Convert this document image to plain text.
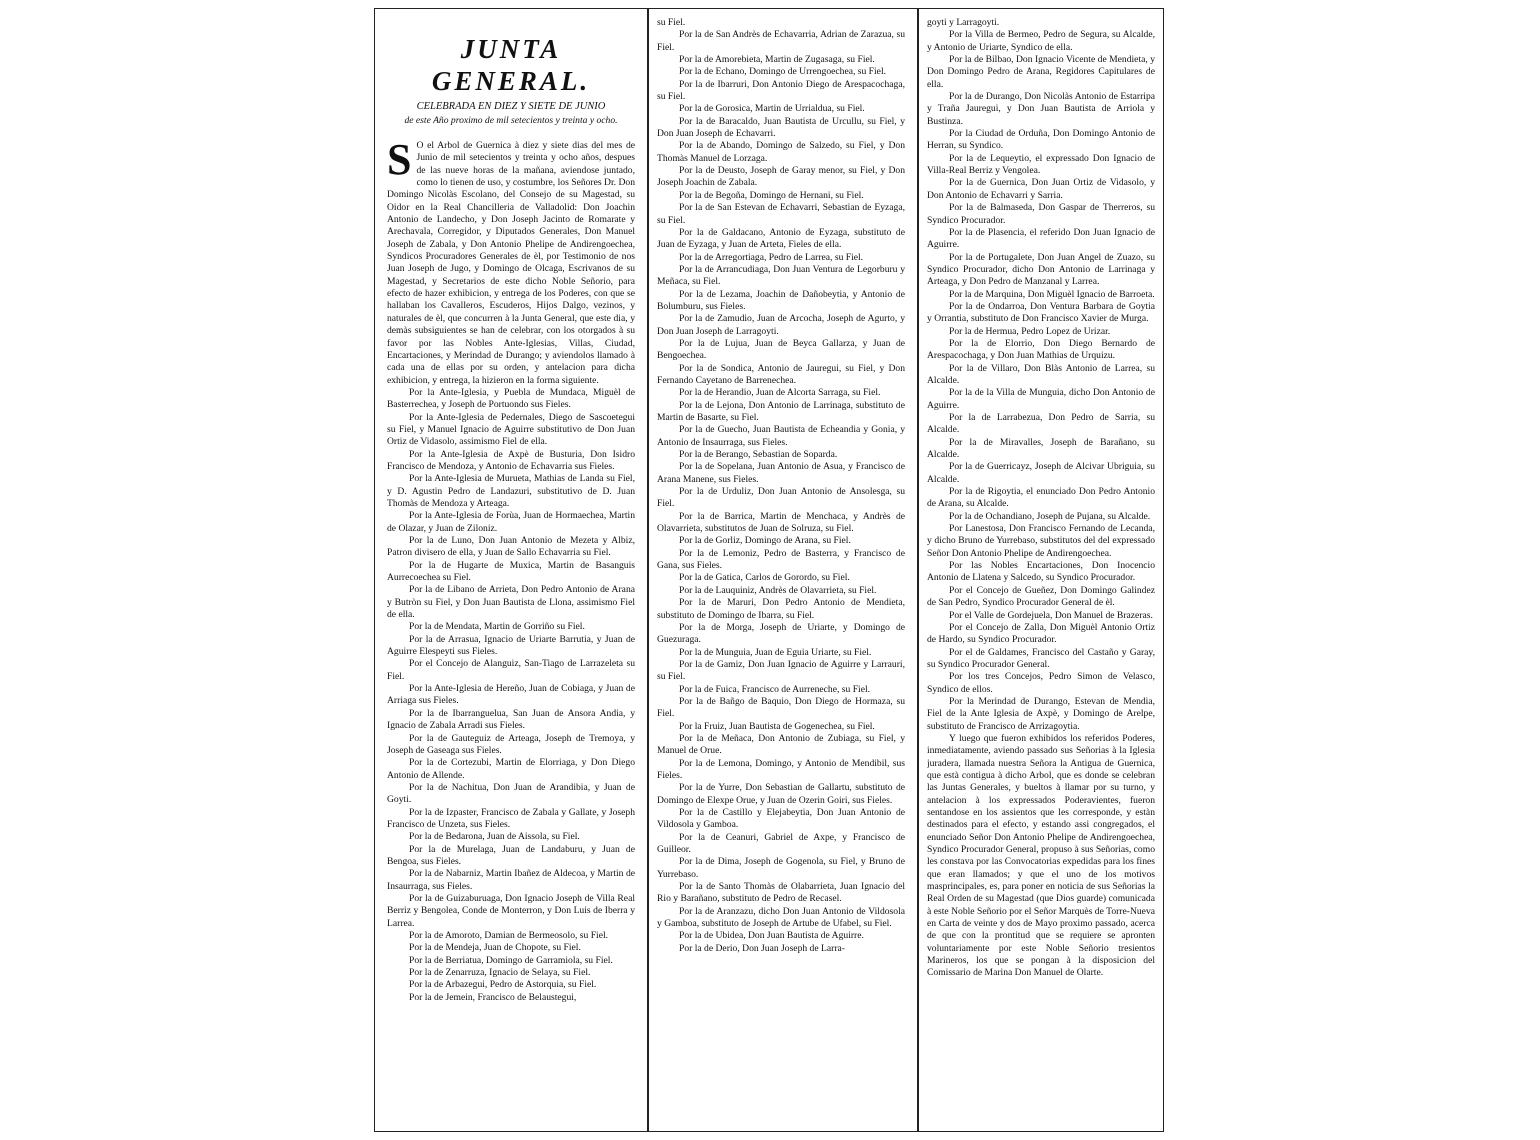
JUNTA GENERAL.
CELEBRADA EN DIEZ Y SIETE DE JUNIO
de este Año proximo de mil setecientos y treinta y ocho.

S O el Arbol de Guernica à diez y siete dias del mes de Junio de mil setecientos y treinta y ocho años, despues de las nueve horas de la mañana, aviendose juntado, como lo tienen de uso, y costumbre, los Señores Dr. Don Domingo Nicolàs Escolano, del Consejo de su Magestad, su Oidor en la Real Chancilleria de Valladolid: Don Joachin Antonio de Landecho, y Don Joseph Jacinto de Romarate y Arechavala, Corregidor, y Diputados Generales, Don Manuel Joseph de Zabala, y Don Antonio Phelipe de Andirengoechea, Syndicos Procuradores Generales de èl, por Testimonio de nos Juan Joseph de Jugo, y Domingo de Olcaga, Escrivanos de su Magestad, y Secretarios de este dicho Noble Señorio, para efecto de hazer exhibicion, y entrega de los Poderes, con que se hallaban los Cavalleros, Escuderos, Hijos Dalgo, vezinos, y naturales de èl, que concurren à la Junta General, que este dia, y demàs subsiguientes se han de celebrar, con los otorgados à su favor por las Nobles Ante-Iglesias, Villas, Ciudad, Encartaciones, y Merindad de Durango; y aviendolos llamado à cada una de ellas por su orden, y antelacion para dicha exhibicion, y entrega, la hizieron en la forma siguiente.

Por la Ante-Iglesia, y Puebla de Mundaca, Miguèl de Basterrechea, y Joseph de Portuondo sus Fieles.

Por la Ante-Iglesia de Pedernales, Diego de Sascoetegui su Fiel, y Manuel Ignacio de Aguirre substitutivo de Don Juan Ortiz de Vidasolo, assimismo Fiel de ella.

Por la Ante-Iglesia de Axpè de Busturia, Don Isidro Francisco de Mendoza, y Antonio de Echavarria sus Fieles.

Por la Ante-Iglesia de Murueta, Mathias de Landa su Fiel, y D. Agustin Pedro de Landazuri, substitutivo de D. Juan Thomàs de Mendoza y Arteaga.

Por la Ante-Iglesia de Forùa, Juan de Hormaechea, Martin de Olazar, y Juan de Ziloniz.

Por la de Luno, Don Juan Antonio de Mezeta y Albiz, Patron divisero de ella, y Juan de Sallo Echavarria su Fiel.

Por la de Hugarte de Muxica, Martin de Basanguis Aurrecoechea su Fiel.

Por la de Libano de Arrieta, Don Pedro Antonio de Arana y Butròn su Fiel, y Don Juan Bautista de Llona, assimismo Fiel de ella.

Por la de Mendata, Martin de Gorriño su Fiel.

Por la de Arrasua, Ignacio de Uriarte Barrutia, y Juan de Aguirre Elespeyti sus Fieles.

Por el Concejo de Alanguiz, San-Tiago de Larrazeleta su Fiel.

Por la Ante-Iglesia de Hereño, Juan de Cobiaga, y Juan de Arriaga sus Fieles.

Por la de Ibarranguelua, San Juan de Ansora Andia, y Ignacio de Zabala Arradi sus Fieles.

Por la de Gauteguiz de Arteaga, Joseph de Tremoya, y Joseph de Gaseaga sus Fieles.

Por la de Cortezubi, Martin de Elorriaga, y Don Diego Antonio de Allende.

Por la de Nachitua, Don Juan de Arandibia, y Juan de Goyti.

Por la de Izpaster, Francisco de Zabala y Gallate, y Joseph Francisco de Unzeta, sus Fieles.

Por la de Bedarona, Juan de Aissola, su Fiel.

Por la de Murelaga, Juan de Landaburu, y Juan de Bengoa, sus Fieles.

Por la de Nabarniz, Martin Ibañez de Aldecoa, y Martin de Insaurraga, sus Fieles.

Por la de Guizaburuaga, Don Ignacio Joseph de Villa Real Berriz y Bengolea, Conde de Monterron, y Don Luis de Iberra y Larrea.

Por la de Amoroto, Damian de Bermeosolo, su Fiel.

Por la de Mendeja, Juan de Chopote, su Fiel.

Por la de Berriatua, Domingo de Garramiola, su Fiel.

Por la de Zenarruza, Ignacio de Selaya, su Fiel.

Por la de Arbazegui, Pedro de Astorquia, su Fiel.

Por la de Jemein, Francisco de Belaustegui,

su Fiel.

Por la de San Andrès de Echavarria, Adrian de Zarazua, su Fiel.

Por la de Amorebieta, Martin de Zugasaga, su Fiel.

Por la de Echano, Domingo de Urrengoechea, su Fiel.

Por la de Ibarruri, Don Antonio Diego de Arespacochaga, su Fiel.

Por la de Gorosica, Martin de Urrialdua, su Fiel.

Por la de Baracaldo, Juan Bautista de Urcullu, su Fiel, y Don Juan Joseph de Echavarri.

Por la de Abando, Domingo de Salzedo, su Fiel, y Don Thomàs Manuel de Lorzaga.

Por la de Deusto, Joseph de Garay menor, su Fiel, y Don Joseph Joachin de Zabala.

Por la de Begoña, Domingo de Hernani, su Fiel.

Por la de San Estevan de Echavarri, Sebastian de Eyzaga, su Fiel.

Por la de Galdacano, Antonio de Eyzaga, substituto de Juan de Eyzaga, y Juan de Arteta, Fieles de ella.

Por la de Arregortiaga, Pedro de Larrea, su Fiel.

Por la de Arrancudiaga, Don Juan Ventura de Legorburu y Meñaca, su Fiel.

Por la de Lezama, Joachin de Dañobeytia, y Antonio de Bolumburu, sus Fieles.

Por la de Zamudio, Juan de Arcocha, Joseph de Agurto, y Don Juan Joseph de Larragoyti.

Por la de Lujua, Juan de Beyca Gallarza, y Juan de Bengoechea.

Por la de Sondica, Antonio de Jauregui, su Fiel, y Don Fernando Cayetano de Barrenechea.

Por la de Herandio, Juan de Alcorta Sarraga, su Fiel.

Por la de Lejona, Don Antonio de Larrinaga, substituto de Martin de Basarte, su Fiel.

Por la de Guecho, Juan Bautista de Echeandia y Gonia, y Antonio de Insaurraga, sus Fieles.

Por la de Berango, Sebastian de Soparda.

Por la de Sopelana, Juan Antonio de Asua, y Francisco de Arana Manene, sus Fieles.

Por la de Urduliz, Don Juan Antonio de Ansolesga, su Fiel.

Por la de Barrica, Martin de Menchaca, y Andrès de Olavarrieta, substitutos de Juan de Solruza, su Fiel.

Por la de Gorliz, Domingo de Arana, su Fiel.

Por la de Lemoniz, Pedro de Basterra, y Francisco de Gana, sus Fieles.

Por la de Gatica, Carlos de Gorordo, su Fiel.

Por la de Lauquiniz, Andrès de Olavarrieta, su Fiel.

Por la de Maruri, Don Pedro Antonio de Mendieta, substituto de Domingo de Ibarra, su Fiel.

Por la de Morga, Joseph de Uriarte, y Domingo de Guezuraga.

Por la de Munguia, Juan de Eguia Uriarte, su Fiel.

Por la de Gamiz, Don Juan Ignacio de Aguirre y Larrauri, su Fiel.

Por la de Fuica, Francisco de Aurreneche, su Fiel.

Por la de Bañgo de Baquio, Don Diego de Hormaza, su Fiel.

Por la Fruiz, Juan Bautista de Gogenechea, su Fiel.

Por la de Meñaca, Don Antonio de Zubiaga, su Fiel, y Manuel de Orue.

Por la de Lemona, Domingo, y Antonio de Mendibil, sus Fieles.

Por la de Yurre, Don Sebastian de Gallartu, substituto de Domingo de Elexpe Orue, y Juan de Ozerin Goiri, sus Fieles.

Por la de Castillo y Elejabeytia, Don Juan Antonio de Vildosola y Gamboa.

Por la de Ceanuri, Gabriel de Axpe, y Francisco de Guilleor.

Por la de Dima, Joseph de Gogenola, su Fiel, y Bruno de Yurrebaso.

Por la de Santo Thomàs de Olabarrieta, Juan Ignacio del Rio y Barañano, substituto de Pedro de Recasel.

Por la de Aranzazu, dicho Don Juan Antonio de Vildosola y Gamboa, substituto de Joseph de Artube de Ufabel, su Fiel.

Por la de Ubidea, Don Juan Bautista de Aguirre.

Por la de Derio, Don Juan Joseph de Larra-

goyti y Larragoyti.

Por la Villa de Bermeo, Pedro de Segura, su Alcalde, y Antonio de Uriarte, Syndico de ella.

Por la de Bilbao, Don Ignacio Vicente de Mendieta, y Don Domingo Pedro de Arana, Regidores Capitulares de ella.

Por la de Durango, Don Nicolàs Antonio de Estarripa y Traña Jauregui, y Don Juan Bautista de Arriola y Bustinza.

Por la Ciudad de Orduña, Don Domingo Antonio de Herran, su Syndico.

Por la de Lequeytio, el expressado Don Ignacio de Villa-Real Berriz y Vengolea.

Por la de Guernica, Don Juan Ortiz de Vidasolo, y Don Antonio de Echavarri y Sarria.

Por la de Balmaseda, Don Gaspar de Therreros, su Syndico Procurador.

Por la de Plasencia, el referido Don Juan Ignacio de Aguirre.

Por la de Portugalete, Don Juan Angel de Zuazo, su Syndico Procurador, dicho Don Antonio de Larrinaga y Arteaga, y Don Pedro de Manzanal y Larrea.

Por la de Marquina, Don Miguèl Ignacio de Barroeta.

Por la de Ondarroa, Don Ventura Barbara de Goytia y Orrantia, substituto de Don Francisco Xavier de Murga.

Por la de Hermua, Pedro Lopez de Urizar.

Por la de Elorrio, Don Diego Bernardo de Arespacochaga, y Don Juan Mathias de Urquizu.

Por la de Villaro, Don Blàs Antonio de Larrea, su Alcalde.

Por la de la Villa de Munguia, dicho Don Antonio de Aguirre.

Por la de Larrabezua, Don Pedro de Sarria, su Alcalde.

Por la de Miravalles, Joseph de Barañano, su Alcalde.

Por la de Guerricayz, Joseph de Alcivar Ubriguia, su Alcalde.

Por la de Rigoytia, el enunciado Don Pedro Antonio de Arana, su Alcalde.

Por la de Ochandiano, Joseph de Pujana, su Alcalde.

Por Lanestosa, Don Francisco Fernando de Lecanda, y dicho Bruno de Yurrebaso, substitutos del del expressado Señor Don Antonio Phelipe de Andirengoechea.

Por las Nobles Encartaciones, Don Inocencio Antonio de Llatena y Salcedo, su Syndico Procurador.

Por el Concejo de Gueñez, Don Domingo Galindez de San Pedro, Syndico Procurador General de èl.

Por el Valle de Gordejuela, Don Manuel de Brazeras.

Por el Concejo de Zalla, Don Miguèl Antonio Ortiz de Hardo, su Syndico Procurador.

Por el de Galdames, Francisco del Castaño y Garay, su Syndico Procurador General.

Por los tres Concejos, Pedro Simon de Velasco, Syndico de ellos.

Por la Merindad de Durango, Estevan de Mendia, Fiel de la Ante Iglesia de Axpè, y Domingo de Arelpe, substituto de Francisco de Arrizagoytia.

Y luego que fueron exhibidos los referidos Poderes, inmediatamente, aviendo passado sus Señorias à la Iglesia juradera, llamada nuestra Señora la Antigua de Guernica, que està contigua à dicho Arbol, que es donde se celebran las Juntas Generales, y bueltos à llamar por su turno, y antelacion à los expressados Poderavientes, fueron sentandose en los assientos que les corresponde, y estàn destinados para el efecto, y estando assi congregados, el enunciado Señor Don Antonio Phelipe de Andirengoechea, Syndico Procurador General, propuso à sus Señorias, como les constava por las Convocatorias expedidas para los fines que eran llamados; y que el uno de los motivos masprincipales, es, para poner en noticia de sus Señorias la Real Orden de su Magestad (que Dios guarde) comunicada à este Noble Señorio por el Señor Marquès de Torre-Nueva en Carta de veinte y dos de Mayo proximo passado, acerca de que con la prontitud que se requiere se apronten voluntariamente por este Noble Señorio tresientos Marineros, los que se pongan à la disposicion del Comissario de Marina Don Manuel de Olarte.
